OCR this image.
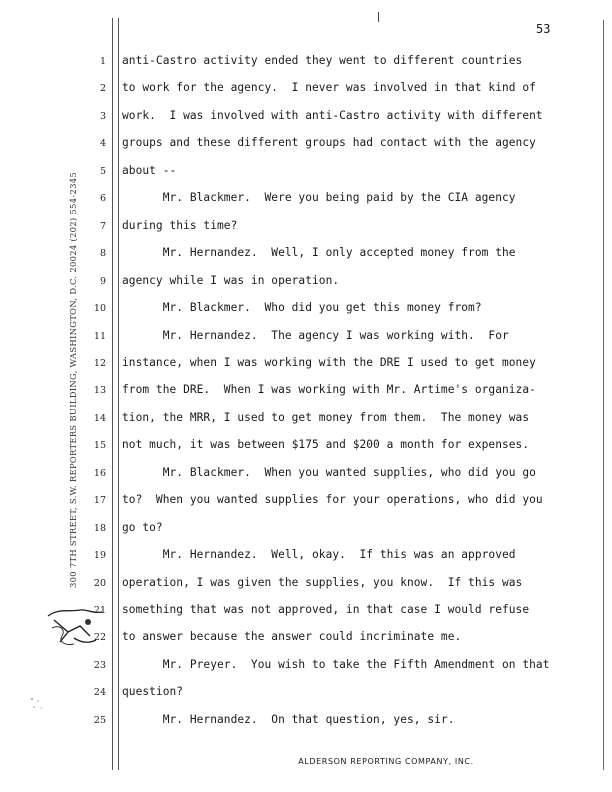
53
300 7TH STREET, S.W. REPORTERS BUILDING, WASHINGTON, D.C. 20024 (202) 554-2345
1 anti-Castro activity ended they went to different countries
2 to work for the agency.  I never was involved in that kind of
3 work.  I was involved with anti-Castro activity with different
4 groups and these different groups had contact with the agency
5 about --
6 Mr. Blackmer.  Were you being paid by the CIA agency
7 during this time?
8 Mr. Hernandez.  Well, I only accepted money from the
9 agency while I was in operation.
10 Mr. Blackmer.  Who did you get this money from?
11 Mr. Hernandez.  The agency I was working with.  For
12 instance, when I was working with the DRE I used to get money
13 from the DRE.  When I was working with Mr. Artime's organiza-
14 tion, the MRR, I used to get money from them.  The money was
15 not much, it was between $175 and $200 a month for expenses.
16 Mr. Blackmer.  When you wanted supplies, who did you go
17 to?  When you wanted supplies for your operations, who did you
18 go to?
19 Mr. Hernandez.  Well, okay.  If this was an approved
20 operation, I was given the supplies, you know.  If this was
21 something that was not approved, in that case I would refuse
22 to answer because the answer could incriminate me.
23 Mr. Preyer.  You wish to take the Fifth Amendment on that
24 question?
25 Mr. Hernandez.  On that question, yes, sir.
ALDERSON REPORTING COMPANY, INC.
